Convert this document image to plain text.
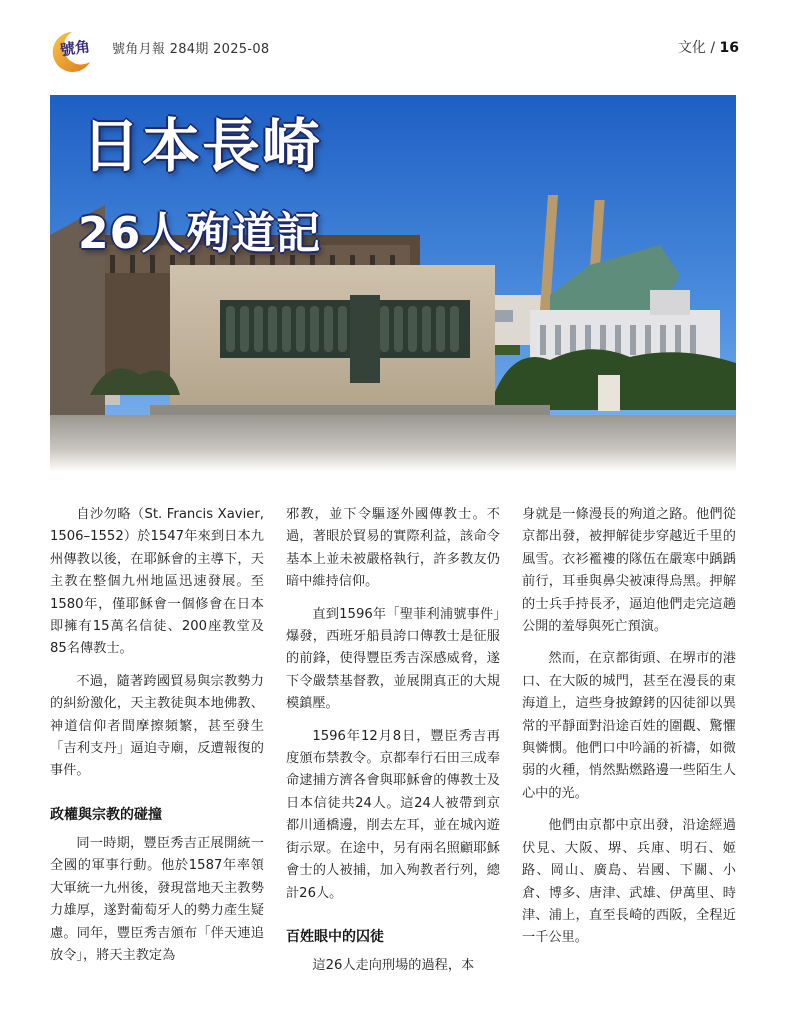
號角 號角月報 284期 2025-08	文化 / 16
日本長崎
26人殉道記

自沙勿略（St. Francis Xavier, 1506–1552）於1547年來到日本九州傳教以後，在耶穌會的主導下，天主教在整個九州地區迅速發展。至1580年，僅耶穌會一個修會在日本即擁有15萬名信徒、200座教堂及85名傳教士。

不過，隨著跨國貿易與宗教勢力的糾紛激化，天主教徒與本地佛教、神道信仰者間摩擦頻繁，甚至發生「吉利支丹」逼迫寺廟，反遭報復的事件。

政權與宗教的碰撞

同一時期，豐臣秀吉正展開統一全國的軍事行動。他於1587年率領大軍統一九州後，發現當地天主教勢力雄厚，遂對葡萄牙人的勢力產生疑慮。同年，豐臣秀吉頒布「伴天連追放令」，將天主教定為

邪教，並下令驅逐外國傳教士。不過，著眼於貿易的實際利益，該命令基本上並未被嚴格執行，許多教友仍暗中維持信仰。

直到1596年「聖菲利浦號事件」爆發，西班牙船員誇口傳教士是征服的前鋒，使得豐臣秀吉深感威脅，遂下令嚴禁基督教，並展開真正的大規模鎮壓。

1596年12月8日，豐臣秀吉再度頒布禁教令。京都奉行石田三成奉命逮捕方濟各會與耶穌會的傳教士及日本信徒共24人。這24人被帶到京都川通橋邊，削去左耳，並在城內遊街示眾。在途中，另有兩名照顧耶穌會士的人被捕，加入殉教者行列，總計26人。

百姓眼中的囚徒

這26人走向刑場的過程，本

身就是一條漫長的殉道之路。他們從京都出發，被押解徒步穿越近千里的風雪。衣衫襤褸的隊伍在嚴寒中踽踽前行，耳垂與鼻尖被凍得烏黑。押解的士兵手持長矛，逼迫他們走完這趟公開的羞辱與死亡預演。

然而，在京都街頭、在堺市的港口、在大阪的城門，甚至在漫長的東海道上，這些身披鐐銬的囚徒卻以異常的平靜面對沿途百姓的圍觀、驚懼與憐憫。他們口中吟誦的祈禱，如微弱的火種，悄然點燃路邊一些陌生人心中的光。

他們由京都中京出發，沿途經過伏見、大阪、堺、兵庫、明石、姬路、岡山、廣島、岩國、下關、小倉、博多、唐津、武雄、伊萬里、時津、浦上，直至長崎的西阪，全程近一千公里。
